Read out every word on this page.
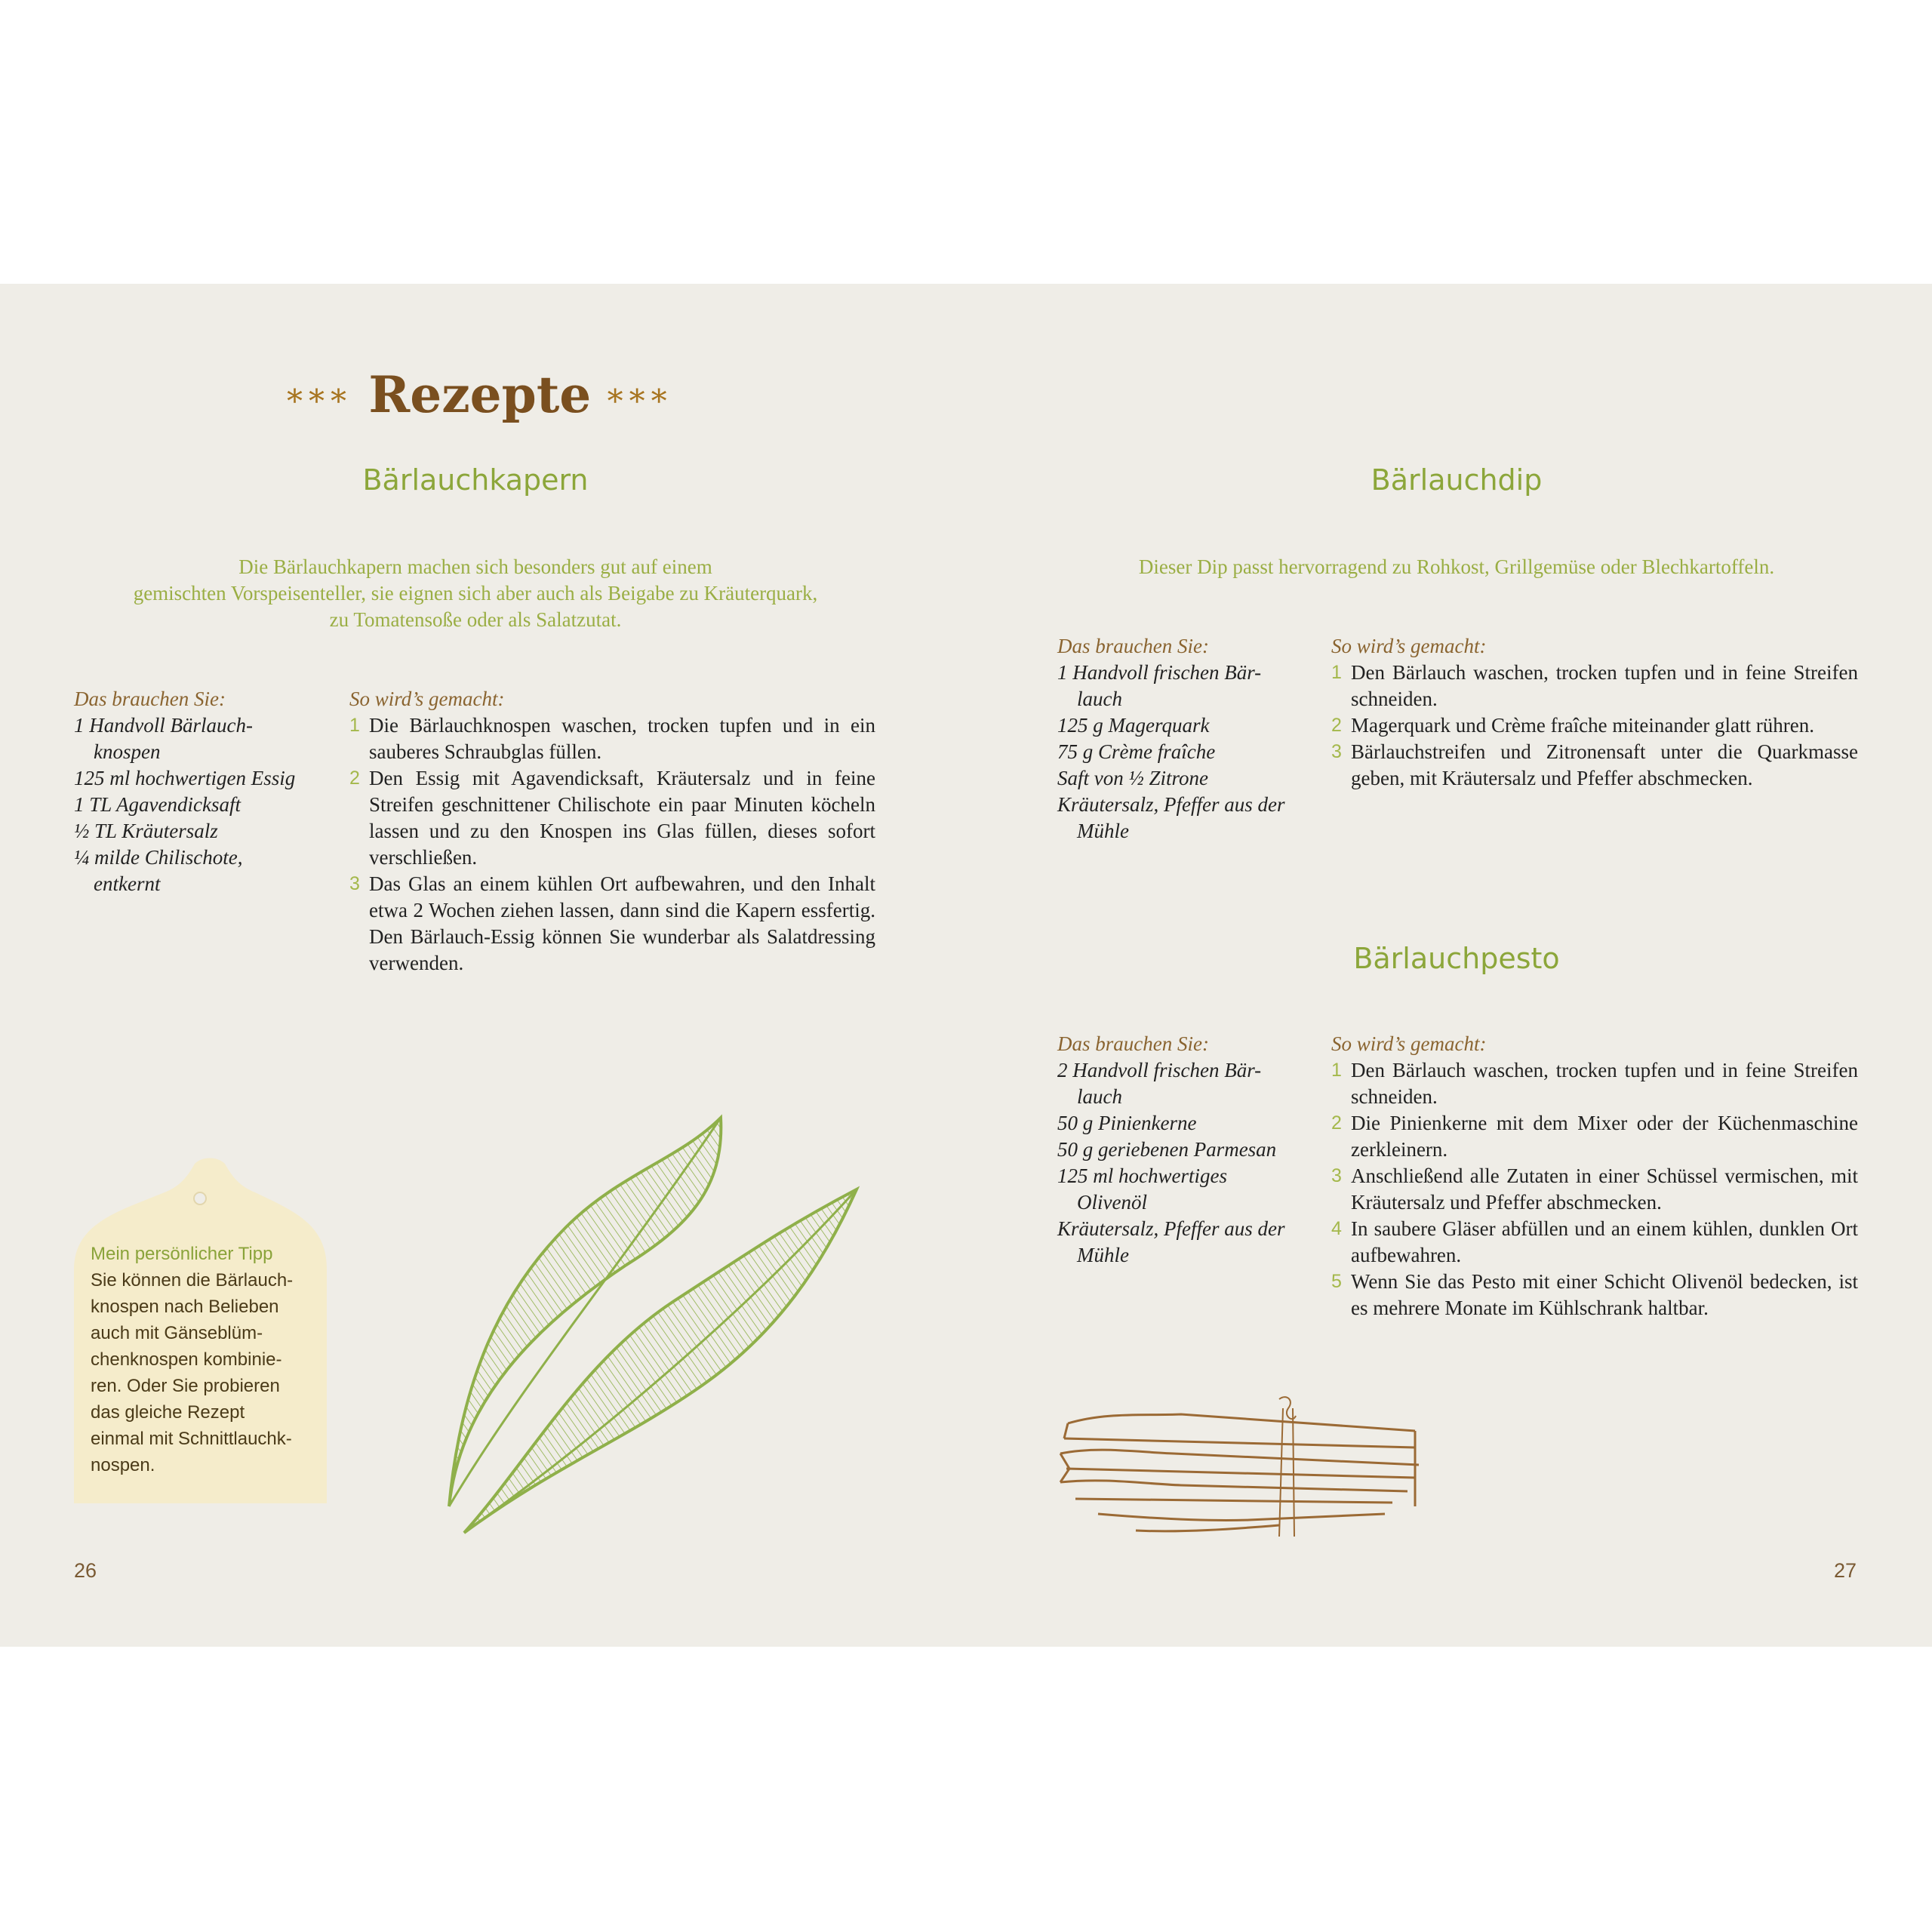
*** Rezepte ***
Bärlauchkapern
Die Bärlauchkapern machen sich besonders gut auf einem
gemischten Vorspeisenteller, sie eignen sich aber auch als Beigabe zu Kräuterquark,
zu Tomatensoße oder als Salatzutat.
Das brauchen Sie:
1 Handvoll Bärlauch-knospen
125 ml hochwertigen Essig
1 TL Agavendicksaft
½ TL Kräutersalz
¼ milde Chilischote, entkernt
So wird’s gemacht:
1 Die Bärlauchknospen waschen, trocken tupfen und in ein sauberes Schraubglas füllen.
2 Den Essig mit Agavendicksaft, Kräutersalz und in feine Streifen geschnittener Chilischote ein paar Minuten köcheln lassen und zu den Knospen ins Glas füllen, dieses sofort verschließen.
3 Das Glas an einem kühlen Ort aufbewahren, und den Inhalt etwa 2 Wochen ziehen lassen, dann sind die Kapern essfertig. Den Bärlauch-Essig können Sie wunderbar als Salatdressing verwenden.
Bärlauchdip
Dieser Dip passt hervorragend zu Rohkost, Grillgemüse oder Blechkartoffeln.
Das brauchen Sie:
1 Handvoll frischen Bär-lauch
125 g Magerquark
75 g Crème fraîche
Saft von ½ Zitrone
Kräutersalz, Pfeffer aus der Mühle
So wird’s gemacht:
1 Den Bärlauch waschen, trocken tupfen und in feine Streifen schneiden.
2 Magerquark und Crème fraîche miteinander glatt rühren.
3 Bärlauchstreifen und Zitronensaft unter die Quarkmasse geben, mit Kräutersalz und Pfeffer abschmecken.
Bärlauchpesto
Das brauchen Sie:
2 Handvoll frischen Bär-lauch
50 g Pinienkerne
50 g geriebenen Parmesan
125 ml hochwertiges Olivenöl
Kräutersalz, Pfeffer aus der Mühle
So wird’s gemacht:
1 Den Bärlauch waschen, trocken tupfen und in feine Streifen schneiden.
2 Die Pinienkerne mit dem Mixer oder der Küchenmaschine zerkleinern.
3 Anschließend alle Zutaten in einer Schüssel vermischen, mit Kräutersalz und Pfeffer abschmecken.
4 In saubere Gläser abfüllen und an einem kühlen, dunklen Ort aufbewahren.
5 Wenn Sie das Pesto mit einer Schicht Olivenöl bedecken, ist es mehrere Monate im Kühlschrank haltbar.
Mein persönlicher Tipp
Sie können die Bärlauch-
knospen nach Belieben
auch mit Gänseblüm-
chenknospen kombinie-
ren. Oder Sie probieren
das gleiche Rezept
einmal mit Schnittlauchk-
nospen.
26	27
